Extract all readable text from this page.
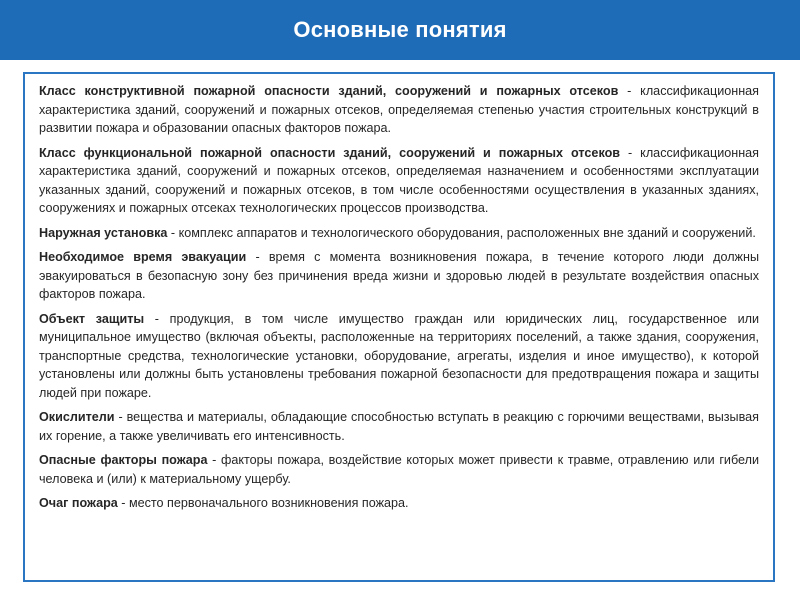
Основные понятия

Класс конструктивной пожарной опасности зданий, сооружений и пожарных отсеков - классификационная характеристика зданий, сооружений и пожарных отсеков, определяемая степенью участия строительных конструкций в развитии пожара и образовании опасных факторов пожара.

Класс функциональной пожарной опасности зданий, сооружений и пожарных отсеков - классификационная характеристика зданий, сооружений и пожарных отсеков, определяемая назначением и особенностями эксплуатации указанных зданий, сооружений и пожарных отсеков, в том числе особенностями осуществления в указанных зданиях, сооружениях и пожарных отсеках технологических процессов производства.

Наружная установка - комплекс аппаратов и технологического оборудования, расположенных вне зданий и сооружений.

Необходимое время эвакуации - время с момента возникновения пожара, в течение которого люди должны эвакуироваться в безопасную зону без причинения вреда жизни и здоровью людей в результате воздействия опасных факторов пожара.

Объект защиты - продукция, в том числе имущество граждан или юридических лиц, государственное или муниципальное имущество (включая объекты, расположенные на территориях поселений, а также здания, сооружения, транспортные средства, технологические установки, оборудование, агрегаты, изделия и иное имущество), к которой установлены или должны быть установлены требования пожарной безопасности для предотвращения пожара и защиты людей при пожаре.

Окислители - вещества и материалы, обладающие способностью вступать в реакцию с горючими веществами, вызывая их горение, а также увеличивать его интенсивность.

Опасные факторы пожара - факторы пожара, воздействие которых может привести к травме, отравлению или гибели человека и (или) к материальному ущербу.

Очаг пожара - место первоначального возникновения пожара.
